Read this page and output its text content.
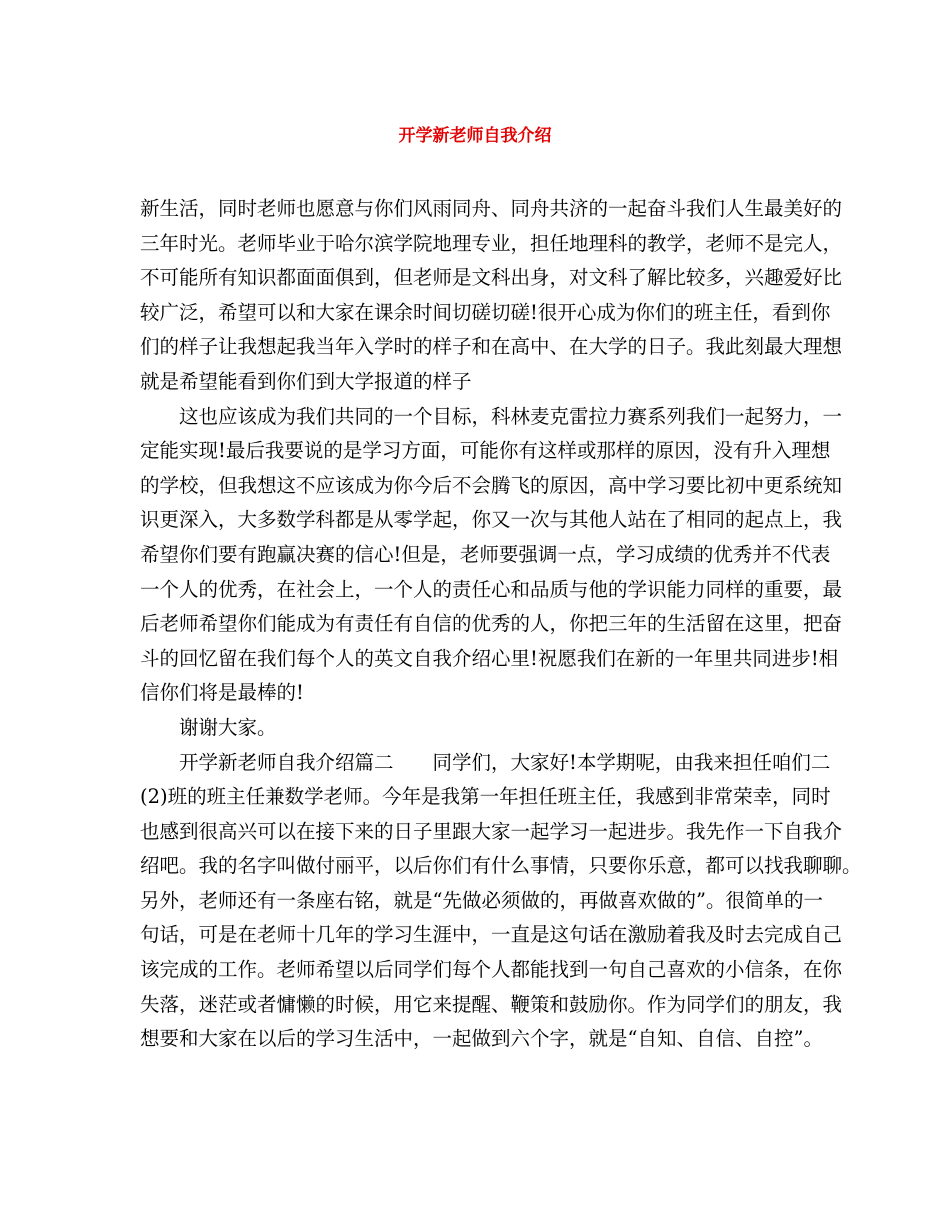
开学新老师自我介绍
新生活，同时老师也愿意与你们风雨同舟、同舟共济的一起奋斗我们人生最美好的
三年时光。老师毕业于哈尔滨学院地理专业，担任地理科的教学，老师不是完人，
不可能所有知识都面面俱到，但老师是文科出身，对文科了解比较多，兴趣爱好比
较广泛，希望可以和大家在课余时间切磋切磋!很开心成为你们的班主任，看到你
们的样子让我想起我当年入学时的样子和在高中、在大学的日子。我此刻最大理想
就是希望能看到你们到大学报道的样子
　　这也应该成为我们共同的一个目标，科林麦克雷拉力赛系列我们一起努力，一
定能实现!最后我要说的是学习方面，可能你有这样或那样的原因，没有升入理想
的学校，但我想这不应该成为你今后不会腾飞的原因，高中学习要比初中更系统知
识更深入，大多数学科都是从零学起，你又一次与其他人站在了相同的起点上，我
希望你们要有跑赢决赛的信心!但是，老师要强调一点，学习成绩的优秀并不代表
一个人的优秀，在社会上，一个人的责任心和品质与他的学识能力同样的重要，最
后老师希望你们能成为有责任有自信的优秀的人，你把三年的生活留在这里，把奋
斗的回忆留在我们每个人的英文自我介绍心里!祝愿我们在新的一年里共同进步!相
信你们将是最棒的!
　　谢谢大家。
　　开学新老师自我介绍篇二　　同学们，大家好!本学期呢，由我来担任咱们二
(2)班的班主任兼数学老师。今年是我第一年担任班主任，我感到非常荣幸，同时
也感到很高兴可以在接下来的日子里跟大家一起学习一起进步。我先作一下自我介
绍吧。我的名字叫做付丽平，以后你们有什么事情，只要你乐意，都可以找我聊聊。
另外，老师还有一条座右铭，就是“先做必须做的，再做喜欢做的”。很简单的一
句话，可是在老师十几年的学习生涯中，一直是这句话在激励着我及时去完成自己
该完成的工作。老师希望以后同学们每个人都能找到一句自己喜欢的小信条，在你
失落，迷茫或者慵懒的时候，用它来提醒、鞭策和鼓励你。作为同学们的朋友，我
想要和大家在以后的学习生活中，一起做到六个字，就是“自知、自信、自控”。
